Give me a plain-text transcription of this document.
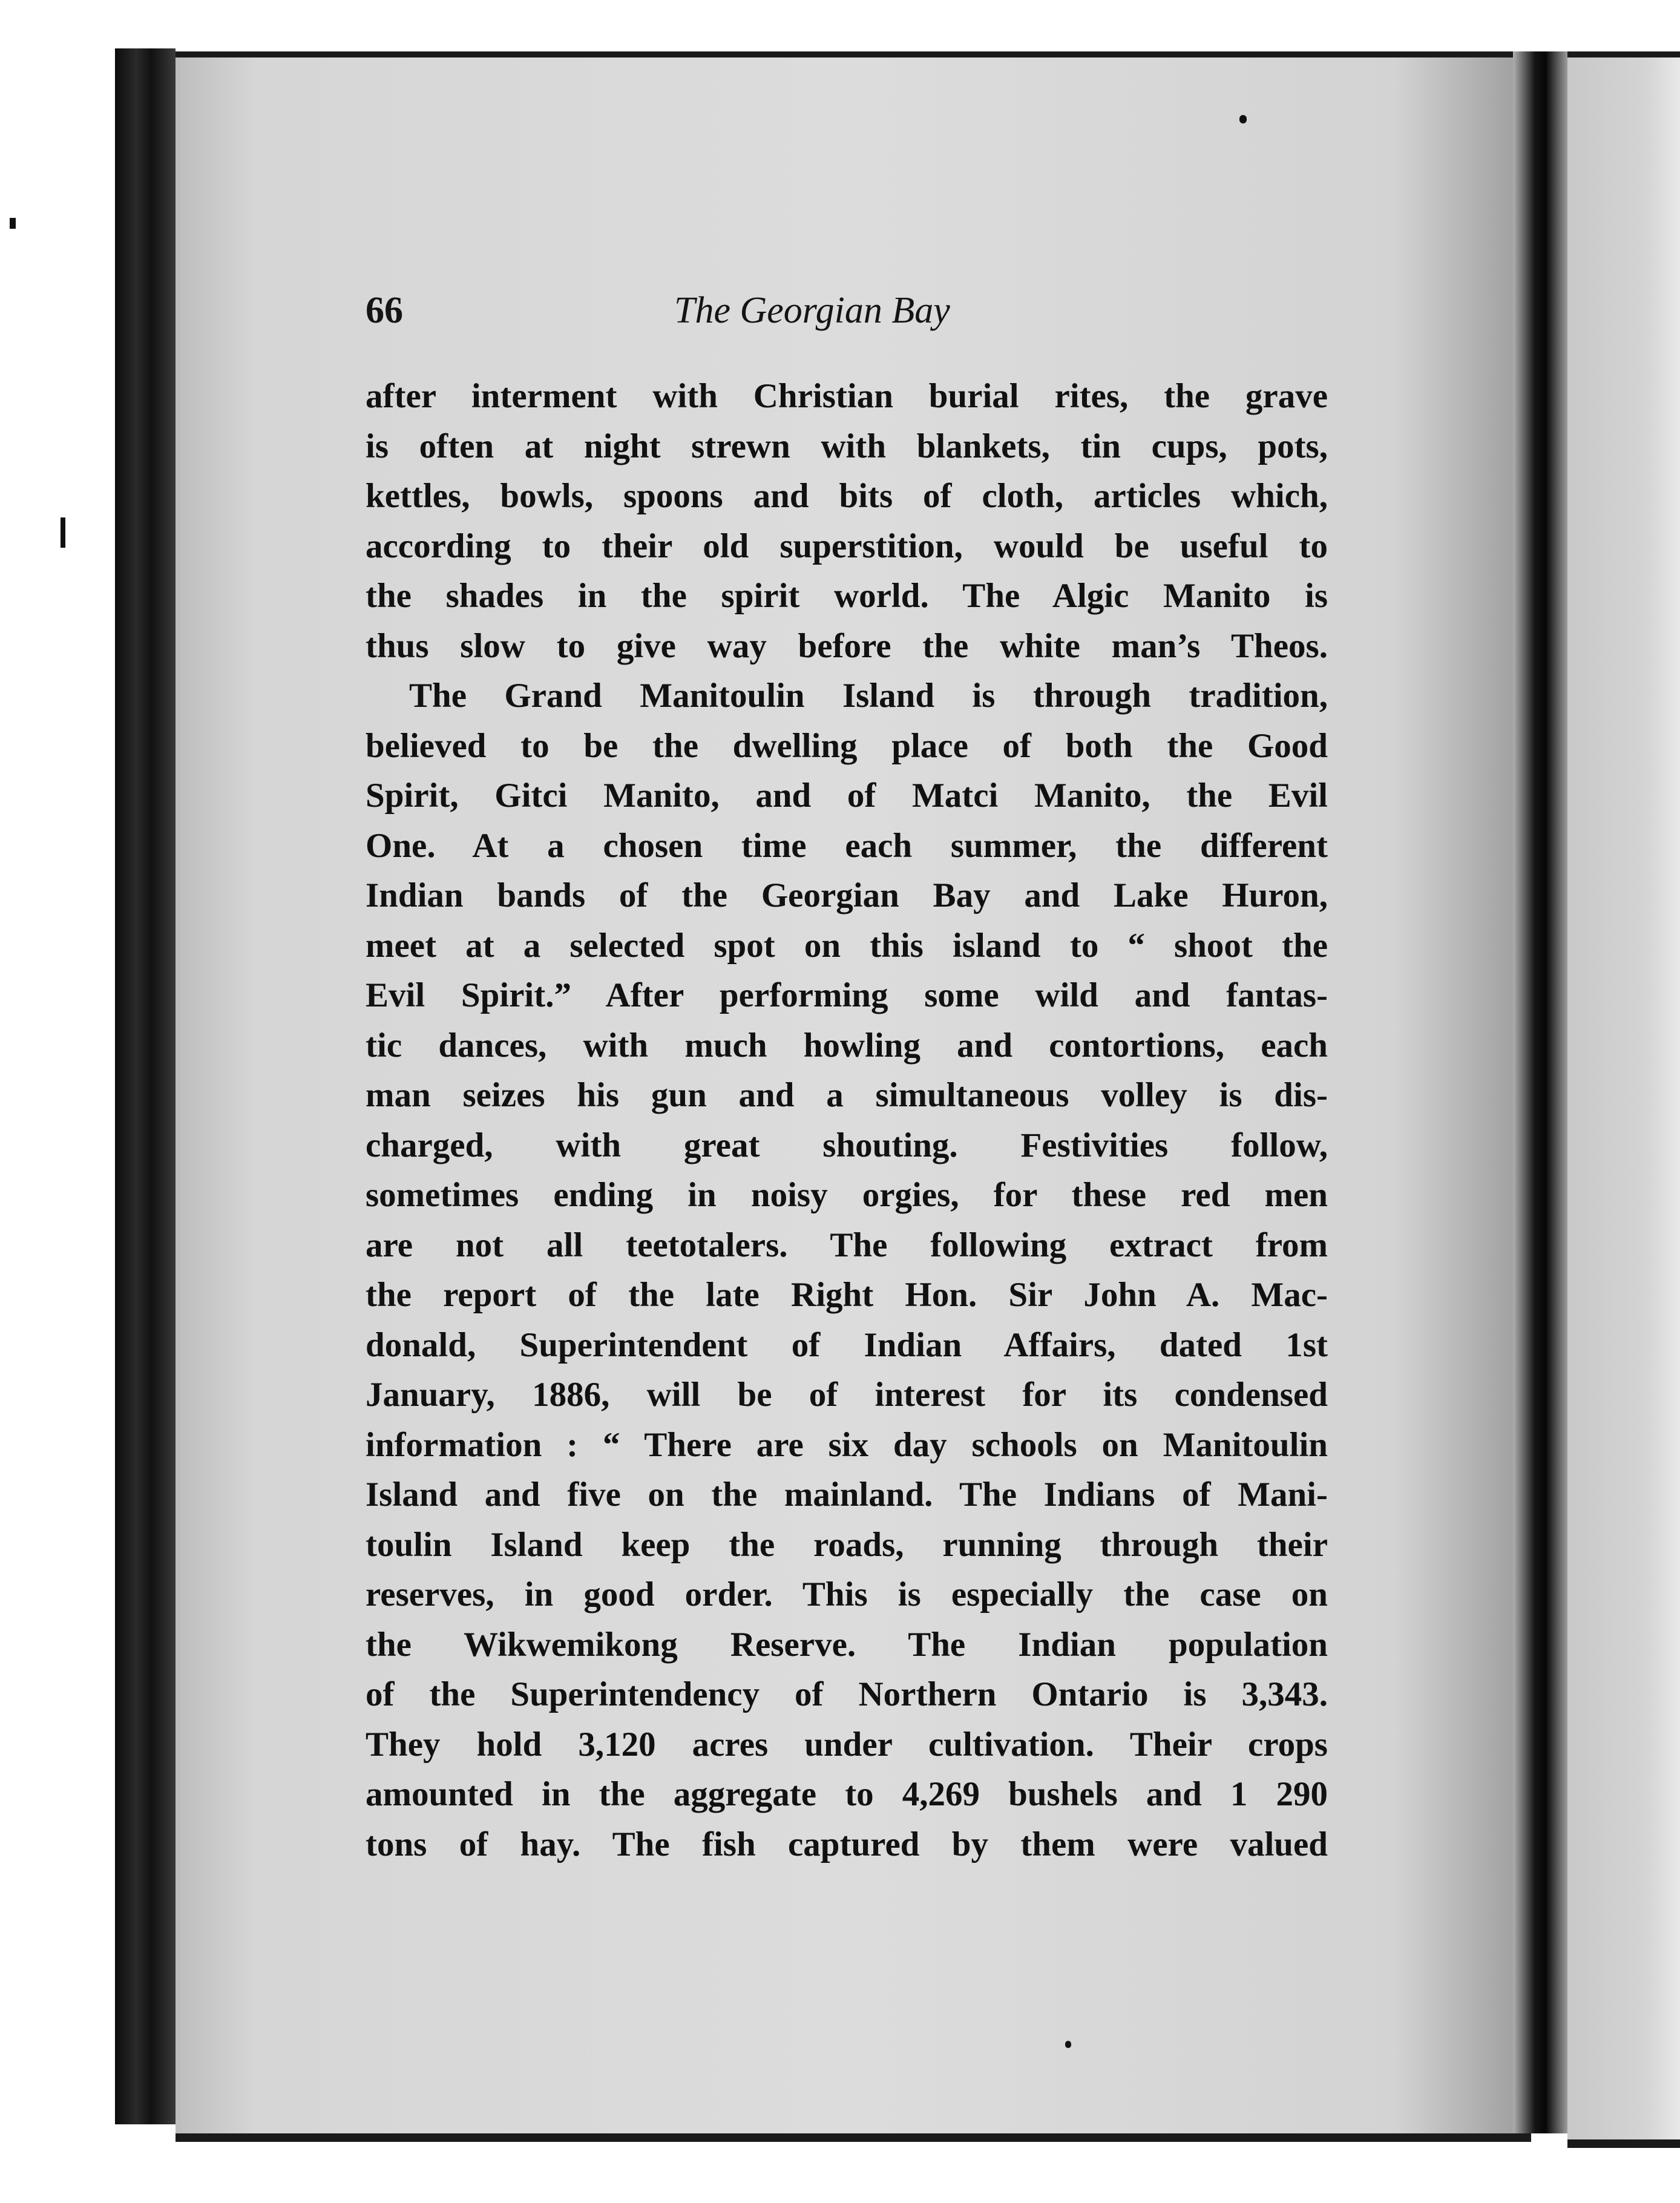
66	The Georgian Bay
after interment with Christian burial rites, the grave
is often at night strewn with blankets, tin cups, pots,
kettles, bowls, spoons and bits of cloth, articles which,
according to their old superstition, would be useful to
the shades in the spirit world. The Algic Manito is
thus slow to give way before the white man’s Theos.
The Grand Manitoulin Island is through tradition,
believed to be the dwelling place of both the Good
Spirit, Gitci Manito, and of Matci Manito, the Evil
One. At a chosen time each summer, the different
Indian bands of the Georgian Bay and Lake Huron,
meet at a selected spot on this island to “ shoot the
Evil Spirit.” After performing some wild and fantas-
tic dances, with much howling and contortions, each
man seizes his gun and a simultaneous volley is dis-
charged, with great shouting. Festivities follow,
sometimes ending in noisy orgies, for these red men
are not all teetotalers. The following extract from
the report of the late Right Hon. Sir John A. Mac-
donald, Superintendent of Indian Affairs, dated 1st
January, 1886, will be of interest for its condensed
information : “ There are six day schools on Manitoulin
Island and five on the mainland. The Indians of Mani-
toulin Island keep the roads, running through their
reserves, in good order. This is especially the case on
the Wikwemikong Reserve. The Indian population
of the Superintendency of Northern Ontario is 3,343.
They hold 3,120 acres under cultivation. Their crops
amounted in the aggregate to 4,269 bushels and 1 290
tons of hay. The fish captured by them were valued
